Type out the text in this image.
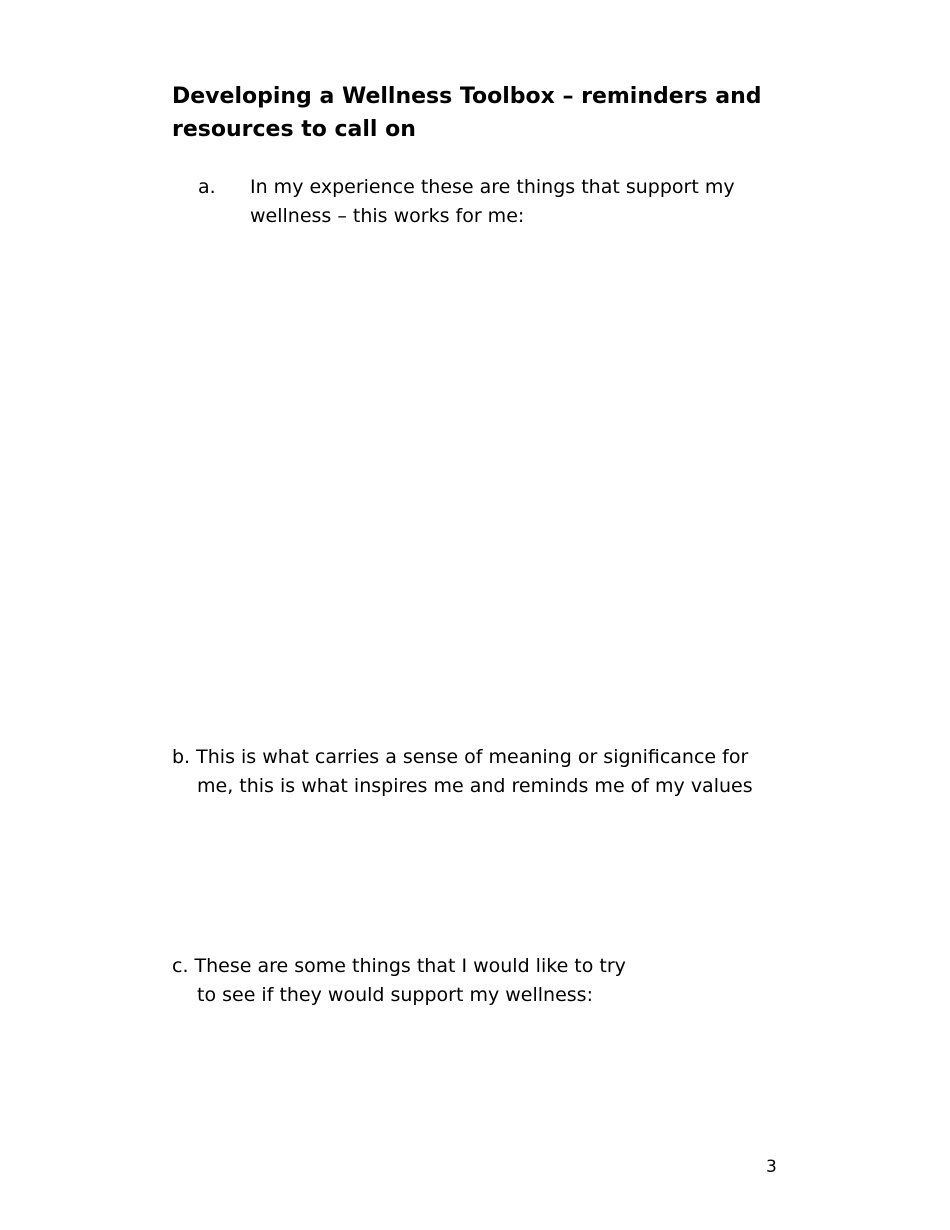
Developing a Wellness Toolbox – reminders and
resources to call on
a. In my experience these are things that support my
wellness – this works for me:
b. This is what carries a sense of meaning or significance for
me, this is what inspires me and reminds me of my values
c. These are some things that I would like to try
to see if they would support my wellness:
3
